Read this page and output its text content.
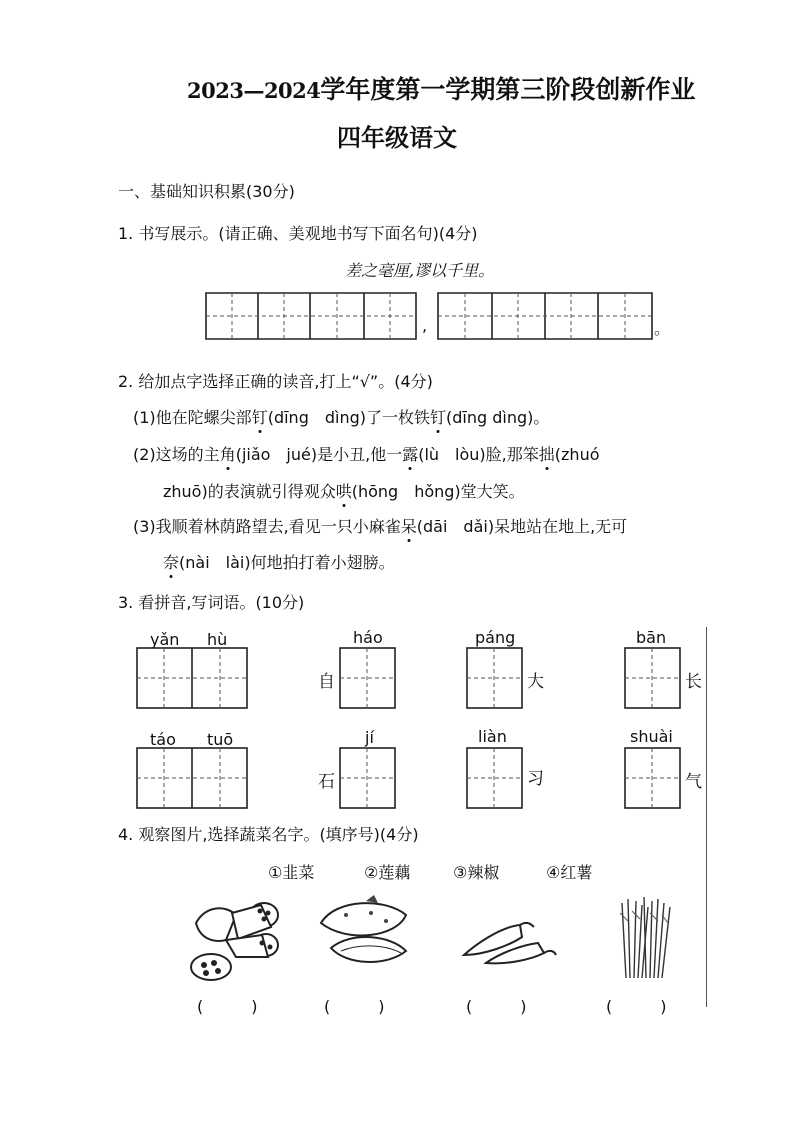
2023—2024学年度第一学期第三阶段创新作业
四年级语文
一、基础知识积累(30分)
1. 书写展示。(请正确、美观地书写下面名句)(4分)
差之毫厘,谬以千里。
,	。
2. 给加点字选择正确的读音,打上“√”。(4分)
(1)他在陀螺尖部钉(dīng　dìng)了一枚铁钉(dīng dìng)。
(2)这场的主角(jiǎo　jué)是小丑,他一露(lù　lòu)脸,那笨拙(zhuó
zhuō)的表演就引得观众哄(hōng　hǒng)堂大笑。
(3)我顺着林荫路望去,看见一只小麻雀呆(dāi　dǎi)呆地站在地上,无可
奈(nài　lài)何地拍打着小翅膀。
3. 看拼音,写词语。(10分)
yǎn hù	háo	páng	bān
自	大	长
táo tuō	jí	liàn	shuài
石	习	气
4. 观察图片,选择蔬菜名字。(填序号)(4分)
①韭菜	②莲藕	③辣椒	④红薯
(　　　)	(　　　)	(　　　)	(　　　)
